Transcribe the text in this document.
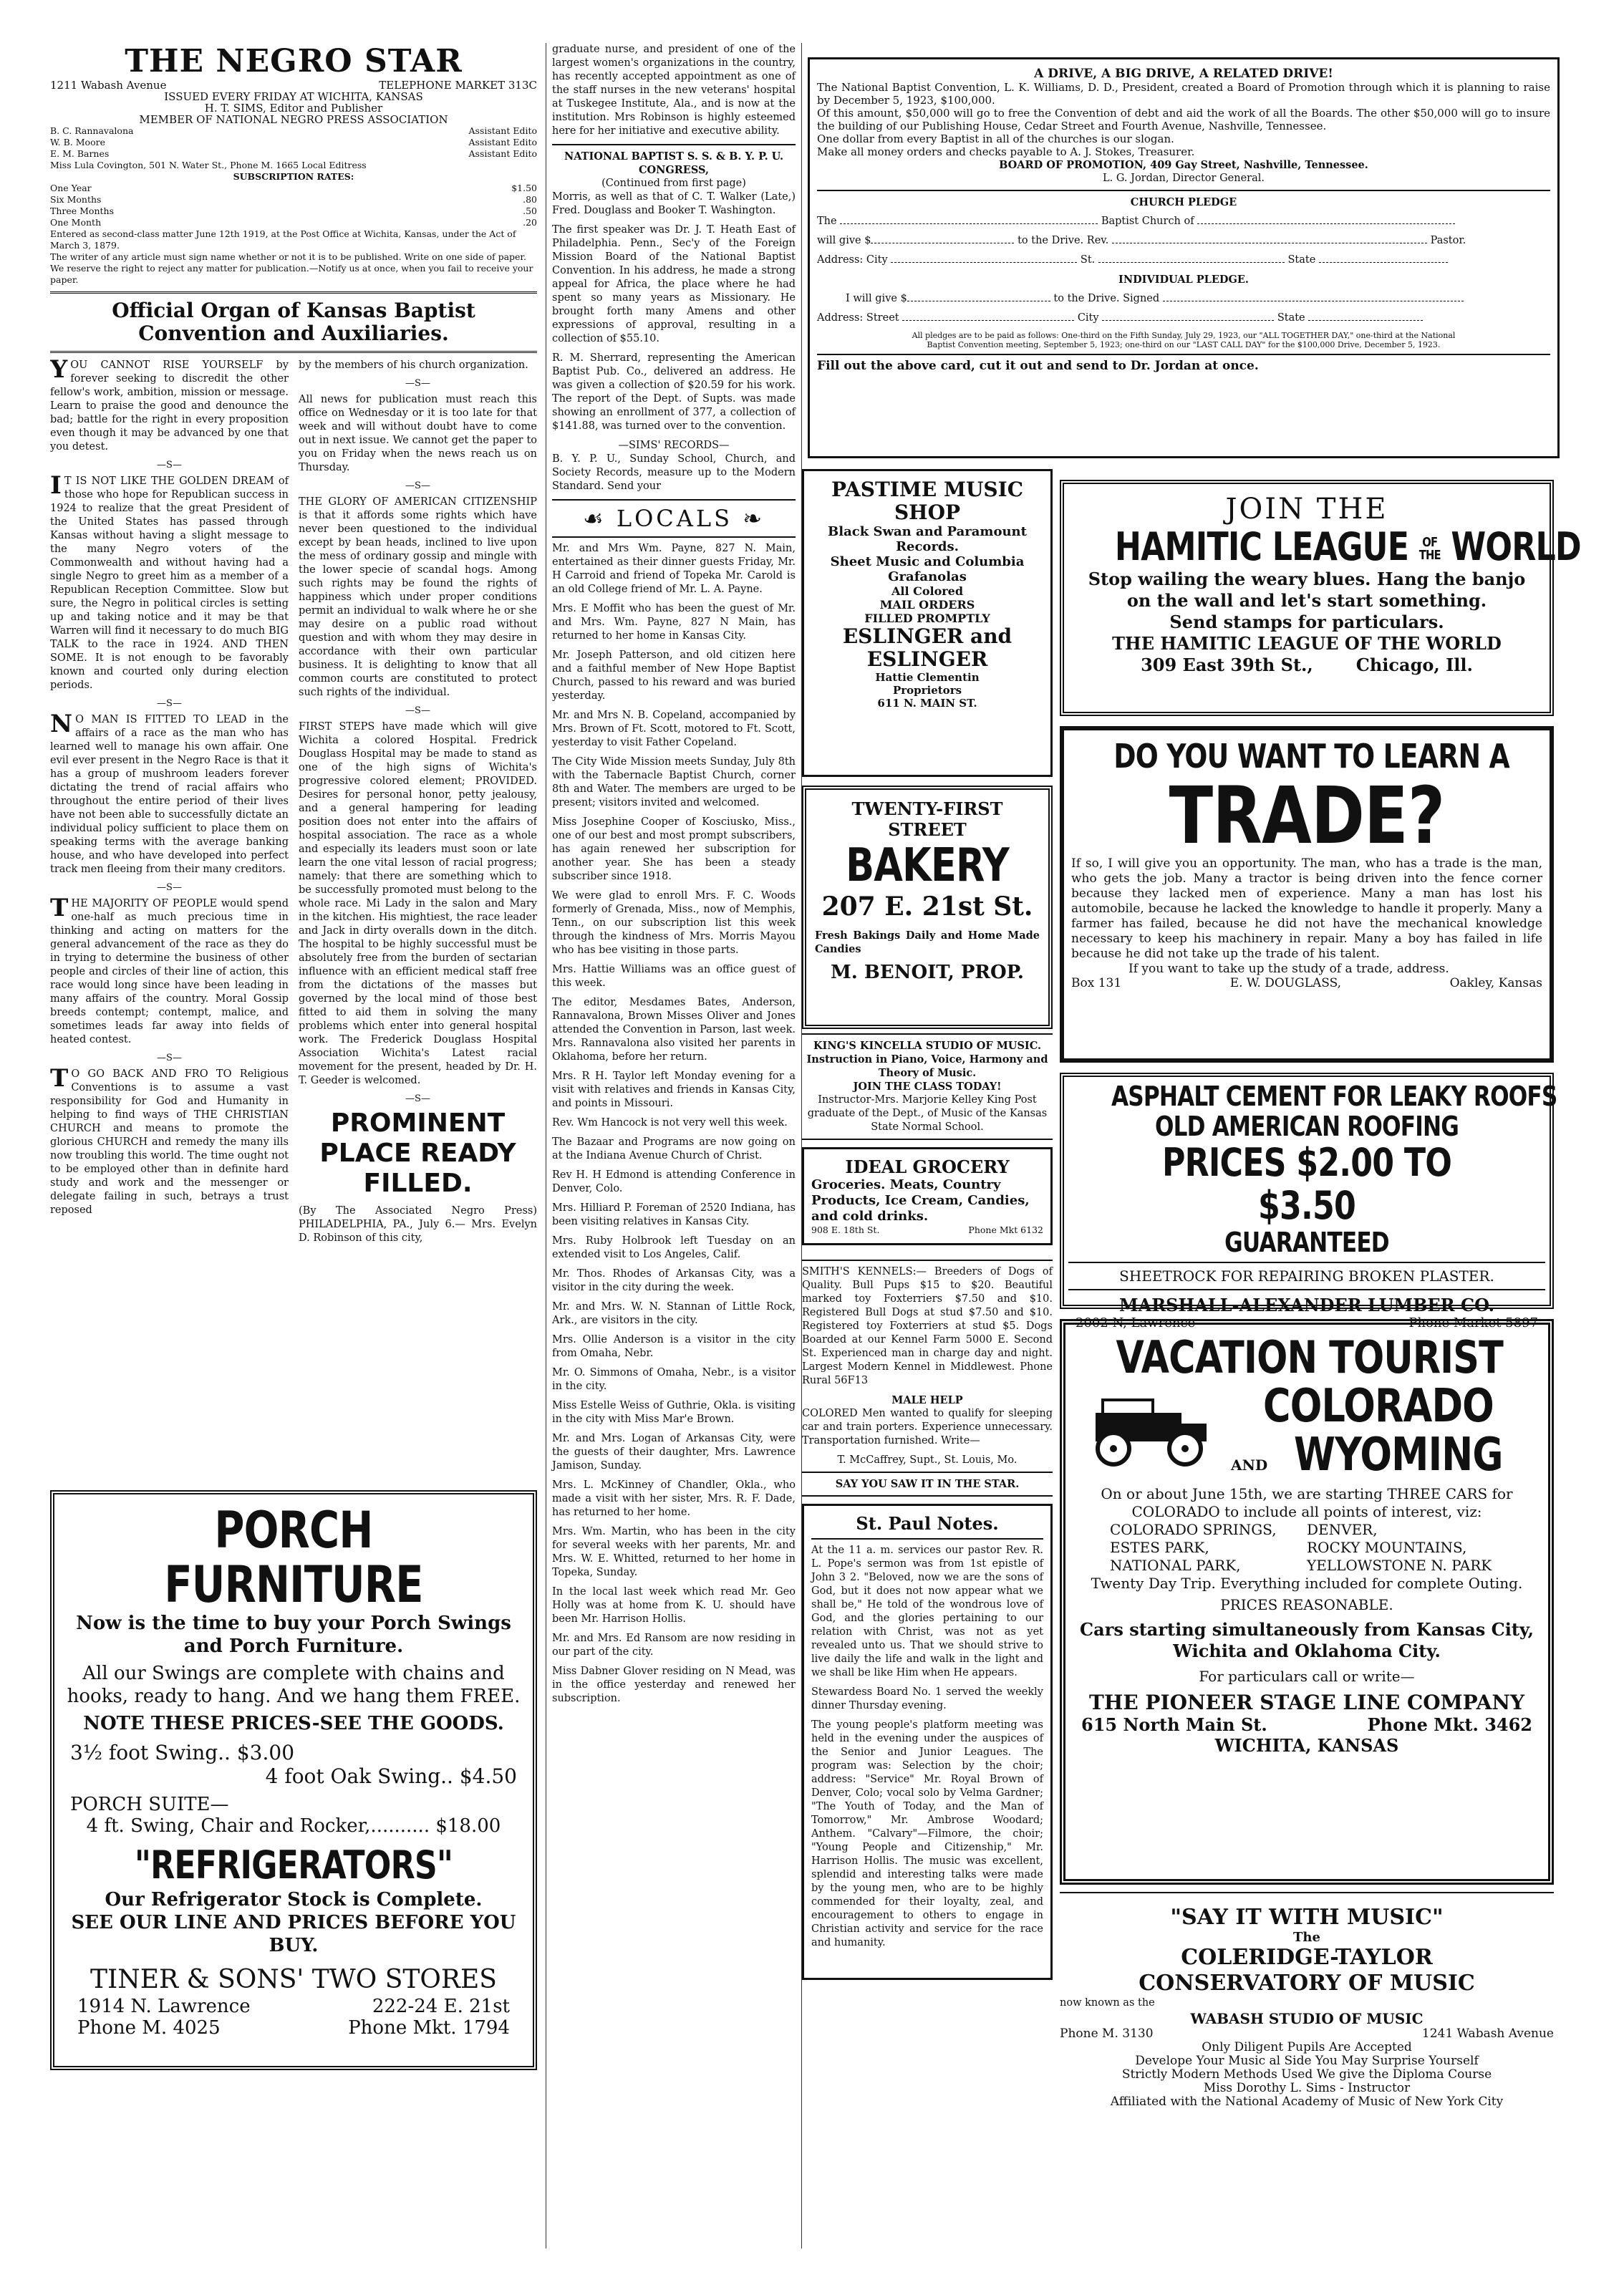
THE NEGRO STAR
1211 Wabash Avenue	TELEPHONE MARKET 313C
ISSUED EVERY FRIDAY AT WICHITA, KANSAS
H. T. SIMS, Editor and Publisher
MEMBER OF NATIONAL NEGRO PRESS ASSOCIATION
B. C. Rannavalona	Assistant Edito
W. B. Moore	Assistant Edito
E. M. Barnes	Assistant Edito
Miss Lula Covington, 501 N. Water St., Phone M. 1665 Local Editress
SUBSCRIPTION RATES:
One Year	$1.50
Six Months	.80
Three Months	.50
One Month	.20
Entered as second-class matter June 12th 1919, at the Post Office at Wichita, Kansas, under the Act of March 3, 1879.
The writer of any article must sign name whether or not it is to be published. Write on one side of paper. We reserve the right to reject any matter for publication.—Notify us at once, when you fail to receive your paper.
Official Organ of Kansas Baptist Convention and Auxiliaries.

YOU CANNOT RISE YOURSELF by forever seeking to discredit the other fellow's work, ambition, mission or message. Learn to praise the good and denounce the bad; battle for the right in every proposition even though it may be advanced by one that you detest.

—S—

I T IS NOT LIKE THE GOLDEN DREAM of those who hope for Republican success in 1924 to realize that the great President of the United States has passed through Kansas without having a slight message to the many Negro voters of the Commonwealth and without having had a single Negro to greet him as a member of a Republican Reception Committee. Slow but sure, the Negro in political circles is setting up and taking notice and it may be that Warren will find it necessary to do much BIG TALK to the race in 1924. AND THEN SOME. It is not enough to be favorably known and courted only during election periods.

—S—

N O MAN IS FITTED TO LEAD in the affairs of a race as the man who has learned well to manage his own affair. One evil ever present in the Negro Race is that it has a group of mushroom leaders forever dictating the trend of racial affairs who throughout the entire period of their lives have not been able to successfully dictate an individual policy sufficient to place them on speaking terms with the average banking house, and who have developed into perfect track men fleeing from their many creditors.

—S—

THE MAJORITY OF PEOPLE would spend one-half as much precious time in thinking and acting on matters for the general advancement of the race as they do in trying to determine the business of other people and circles of their line of action, this race would long since have been leading in many affairs of the country. Moral Gossip breeds contempt; contempt, malice, and sometimes leads far away into fields of heated contest.

—S—

T O GO BACK AND FRO TO Religious Conventions is to assume a vast responsibility for God and Humanity in helping to find ways of THE CHRISTIAN CHURCH and means to promote the glorious CHURCH and remedy the many ills now troubling this world. The time ought not to be employed other than in definite hard study and work and the messenger or delegate failing in such, betrays a trust reposed

by the members of his church organization.

—S—

All news for publication must reach this office on Wednesday or it is too late for that week and will without doubt have to come out in next issue. We cannot get the paper to you on Friday when the news reach us on Thursday.

—S—

THE GLORY OF AMERICAN CITIZENSHIP is that it affords some rights which have never been questioned to the individual except by bean heads, inclined to live upon the mess of ordinary gossip and mingle with the lower specie of scandal hogs. Among such rights may be found the rights of happiness which under proper conditions permit an individual to walk where he or she may desire on a public road without question and with whom they may desire in accordance with their own particular business. It is delighting to know that all common courts are constituted to protect such rights of the individual.

—S—

FIRST STEPS have made which will give Wichita a colored Hospital. Fredrick Douglass Hospital may be made to stand as one of the high signs of Wichita's progressive colored element; PROVIDED. Desires for personal honor, petty jealousy, and a general hampering for leading position does not enter into the affairs of hospital association. The race as a whole and especially its leaders must soon or late learn the one vital lesson of racial progress; namely: that there are something which to be successfully promoted must belong to the whole race. Mi Lady in the salon and Mary in the kitchen. His mightiest, the race leader and Jack in dirty overalls down in the ditch. The hospital to be highly successful must be absolutely free from the burden of sectarian influence with an efficient medical staff free from the dictations of the masses but governed by the local mind of those best fitted to aid them in solving the many problems which enter into general hospital work. The Frederick Douglass Hospital Association Wichita's Latest racial movement for the present, headed by Dr. H. T. Geeder is welcomed.

—S—
PROMINENT PLACE READY FILLED.

(By The Associated Negro Press) PHILADELPHIA, PA., July 6.— Mrs. Evelyn D. Robinson of this city,

PORCH FURNITURE
Now is the time to buy your Porch Swings and Porch Furniture.
All our Swings are complete with chains and hooks, ready to hang. And we hang them FREE.
NOTE THESE PRICES-SEE THE GOODS.
3½ foot Swing.. $3.00
4 foot Oak Swing.. $4.50
PORCH SUITE—
4 ft. Swing, Chair and Rocker,.......... $18.00
"REFRIGERATORS"
Our Refrigerator Stock is Complete.
SEE OUR LINE AND PRICES BEFORE YOU BUY.
TINER & SONS' TWO STORES
1914 N. Lawrence	222-24 E. 21st
Phone M. 4025	Phone Mkt. 1794

graduate nurse, and president of one of the largest women's organizations in the country, has recently accepted appointment as one of the staff nurses in the new veterans' hospital at Tuskegee Institute, Ala., and is now at the institution. Mrs Robinson is highly esteemed here for her initiative and executive ability.

NATIONAL BAPTIST S. S. & B. Y. P. U. CONGRESS,
(Continued from first page)

Morris, as well as that of C. T. Walker (Late,) Fred. Douglass and Booker T. Washington.

The first speaker was Dr. J. T. Heath East of Philadelphia. Penn., Sec'y of the Foreign Mission Board of the National Baptist Convention. In his address, he made a strong appeal for Africa, the place where he had spent so many years as Missionary. He brought forth many Amens and other expressions of approval, resulting in a collection of $55.10.

R. M. Sherrard, representing the American Baptist Pub. Co., delivered an address. He was given a collection of $20.59 for his work. The report of the Dept. of Supts. was made showing an enrollment of 377, a collection of $141.88, was turned over to the convention.

—SIMS' RECORDS—

B. Y. P. U., Sunday School, Church, and Society Records, measure up to the Modern Standard. Send your

☙ LOCALS ❧

Mr. and Mrs Wm. Payne, 827 N. Main, entertained as their dinner guests Friday, Mr. H Carroid and friend of Topeka Mr. Carold is an old College friend of Mr. L. A. Payne.

Mrs. E Moffit who has been the guest of Mr. and Mrs. Wm. Payne, 827 N Main, has returned to her home in Kansas City.

Mr. Joseph Patterson, and old citizen here and a faithful member of New Hope Baptist Church, passed to his reward and was buried yesterday.

Mr. and Mrs N. B. Copeland, accompanied by Mrs. Brown of Ft. Scott, motored to Ft. Scott, yesterday to visit Father Copeland.

The City Wide Mission meets Sunday, July 8th with the Tabernacle Baptist Church, corner 8th and Water. The members are urged to be present; visitors invited and welcomed.

Miss Josephine Cooper of Kosciusko, Miss., one of our best and most prompt subscribers, has again renewed her subscription for another year. She has been a steady subscriber since 1918.

We were glad to enroll Mrs. F. C. Woods formerly of Grenada, Miss., now of Memphis, Tenn., on our subscription list this week through the kindness of Mrs. Morris Mayou who has bee visiting in those parts.

Mrs. Hattie Williams was an office guest of this week.

The editor, Mesdames Bates, Anderson, Rannavalona, Brown Misses Oliver and Jones attended the Convention in Parson, last week. Mrs. Rannavalona also visited her parents in Oklahoma, before her return.

Mrs. R H. Taylor left Monday evening for a visit with relatives and friends in Kansas City, and points in Missouri.

Rev. Wm Hancock is not very well this week.

The Bazaar and Programs are now going on at the Indiana Avenue Church of Christ.

Rev H. H Edmond is attending Conference in Denver, Colo.

Mrs. Hilliard P. Foreman of 2520 Indiana, has been visiting relatives in Kansas City.

Mrs. Ruby Holbrook left Tuesday on an extended visit to Los Angeles, Calif.

Mr. Thos. Rhodes of Arkansas City, was a visitor in the city during the week.

Mr. and Mrs. W. N. Stannan of Little Rock, Ark., are visitors in the city.

Mrs. Ollie Anderson is a visitor in the city from Omaha, Nebr.

Mr. O. Simmons of Omaha, Nebr., is a visitor in the city.

Miss Estelle Weiss of Guthrie, Okla. is visiting in the city with Miss Mar'e Brown.

Mr. and Mrs. Logan of Arkansas City, were the guests of their daughter, Mrs. Lawrence Jamison, Sunday.

Mrs. L. McKinney of Chandler, Okla., who made a visit with her sister, Mrs. R. F. Dade, has returned to her home.

Mrs. Wm. Martin, who has been in the city for several weeks with her parents, Mr. and Mrs. W. E. Whitted, returned to her home in Topeka, Sunday.

In the local last week which read Mr. Geo Holly was at home from K. U. should have been Mr. Harrison Hollis.

Mr. and Mrs. Ed Ransom are now residing in our part of the city.

Miss Dabner Glover residing on N Mead, was in the office yesterday and renewed her subscription.

A DRIVE, A BIG DRIVE, A RELATED DRIVE!
The National Baptist Convention, L. K. Williams, D. D., President, created a Board of Promotion through which it is planning to raise by December 5, 1923, $100,000.
Of this amount, $50,000 will go to free the Convention of debt and aid the work of all the Boards. The other $50,000 will go to insure the building of our Publishing House, Cedar Street and Fourth Avenue, Nashville, Tennessee.
One dollar from every Baptist in all of the churches is our slogan.
Make all money orders and checks payable to A. J. Stokes, Treasurer.
BOARD OF PROMOTION, 409 Gay Street, Nashville, Tennessee.
L. G. Jordan, Director General.
CHURCH PLEDGE
The	Baptist Church of
will give $	to the Drive. Rev.	Pastor.
Address: City	St.	State
INDIVIDUAL PLEDGE.
I will give $	to the Drive. Signed
Address: Street	City	State
All pledges are to be paid as follows: One-third on the Fifth Sunday, July 29, 1923, our "ALL TOGETHER DAY," one-third at the National Baptist Convention meeting, September 5, 1923; one-third on our "LAST CALL DAY" for the $100,000 Drive, December 5, 1923.
Fill out the above card, cut it out and send to Dr. Jordan at once.
PASTIME MUSIC SHOP
Black Swan and Paramount Records.
Sheet Music and Columbia Grafanolas
All Colored
MAIL ORDERS FILLED PROMPTLY
ESLINGER and ESLINGER
Hattie Clementin
Proprietors
611 N. MAIN ST.
TWENTY-FIRST STREET
BAKERY
207 E. 21st St.
Fresh Bakings Daily and Home Made Candies
M. BENOIT, PROP.
KING'S KINCELLA STUDIO OF MUSIC.
Instruction in Piano, Voice, Harmony and Theory of Music.
JOIN THE CLASS TODAY!
Instructor-Mrs. Marjorie Kelley King Post graduate of the Dept., of Music of the Kansas State Normal School.
IDEAL GROCERY
Groceries. Meats, Country Products, Ice Cream, Candies, and cold drinks.
908 E. 18th St.	Phone Mkt 6132

SMITH'S KENNELS:— Breeders of Dogs of Quality. Bull Pups $15 to $20. Beautiful marked toy Foxterriers $7.50 and $10. Registered Bull Dogs at stud $7.50 and $10. Registered toy Foxterriers at stud $5. Dogs Boarded at our Kennel Farm 5000 E. Second St. Experienced man in charge day and night. Largest Modern Kennel in Middlewest. Phone Rural 56F13

MALE HELP

COLORED Men wanted to qualify for sleeping car and train porters. Experience unnecessary. Transportation furnished. Write—

T. McCaffrey, Supt., St. Louis, Mo.
SAY YOU SAW IT IN THE STAR.
St. Paul Notes.

At the 11 a. m. services our pastor Rev. R. L. Pope's sermon was from 1st epistle of John 3 2. "Beloved, now we are the sons of God, but it does not now appear what we shall be," He told of the wondrous love of God, and the glories pertaining to our relation with Christ, was not as yet revealed unto us. That we should strive to live daily the life and walk in the light and we shall be like Him when He appears.

Stewardess Board No. 1 served the weekly dinner Thursday evening.

The young people's platform meeting was held in the evening under the auspices of the Senior and Junior Leagues. The program was: Selection by the choir; address: "Service" Mr. Royal Brown of Denver, Colo; vocal solo by Velma Gardner; "The Youth of Today, and the Man of Tomorrow," Mr. Ambrose Woodard; Anthem. "Calvary"—Filmore, the choir; "Young People and Citizenship," Mr. Harrison Hollis. The music was excellent, splendid and interesting talks were made by the young men, who are to be highly commended for their loyalty, zeal, and encouragement to others to engage in Christian activity and service for the race and humanity.

JOIN THE
HAMITIC LEAGUE OF
THE WORLD
Stop wailing the weary blues. Hang the banjo on the wall and let's start something.
Send stamps for particulars.
THE HAMITIC LEAGUE OF THE WORLD
309 East 39th St.,	Chicago, Ill.
DO YOU WANT TO LEARN A
TRADE?
If so, I will give you an opportunity. The man, who has a trade is the man, who gets the job. Many a tractor is being driven into the fence corner because they lacked men of experience. Many a man has lost his automobile, because he lacked the knowledge to handle it properly. Many a farmer has failed, because he did not have the mechanical knowledge necessary to keep his machinery in repair. Many a boy has failed in life because he did not take up the trade of his talent.
If you want to take up the study of a trade, address.
Box 131	E. W. DOUGLASS,	Oakley, Kansas
ASPHALT CEMENT FOR LEAKY ROOFS
OLD AMERICAN ROOFING
PRICES $2.00 TO $3.50
GUARANTEED
SHEETROCK FOR REPAIRING BROKEN PLASTER.
MARSHALL-ALEXANDER LUMBER CO.
2002 N, Lawrence	Phone Market 5897
VACATION TOURIST
COLORADO
AND WYOMING
On or about June 15th, we are starting THREE CARS for COLORADO to include all points of interest, viz:
COLORADO SPRINGS,	DENVER,
ESTES PARK,	ROCKY MOUNTAINS,
NATIONAL PARK,	YELLOWSTONE N. PARK
Twenty Day Trip. Everything included for complete Outing.
PRICES REASONABLE.
Cars starting simultaneously from Kansas City, Wichita and Oklahoma City.
For particulars call or write—
THE PIONEER STAGE LINE COMPANY
615 North Main St.	Phone Mkt. 3462
WICHITA, KANSAS
"SAY IT WITH MUSIC"
The
COLERIDGE-TAYLOR CONSERVATORY OF MUSIC
now known as the
WABASH STUDIO OF MUSIC
Phone M. 3130	1241 Wabash Avenue
Only Diligent Pupils Are Accepted
Develope Your Music al Side You May Surprise Yourself
Strictly Modern Methods Used We give the Diploma Course
Miss Dorothy L. Sims - Instructor
Affiliated with the National Academy of Music of New York City
